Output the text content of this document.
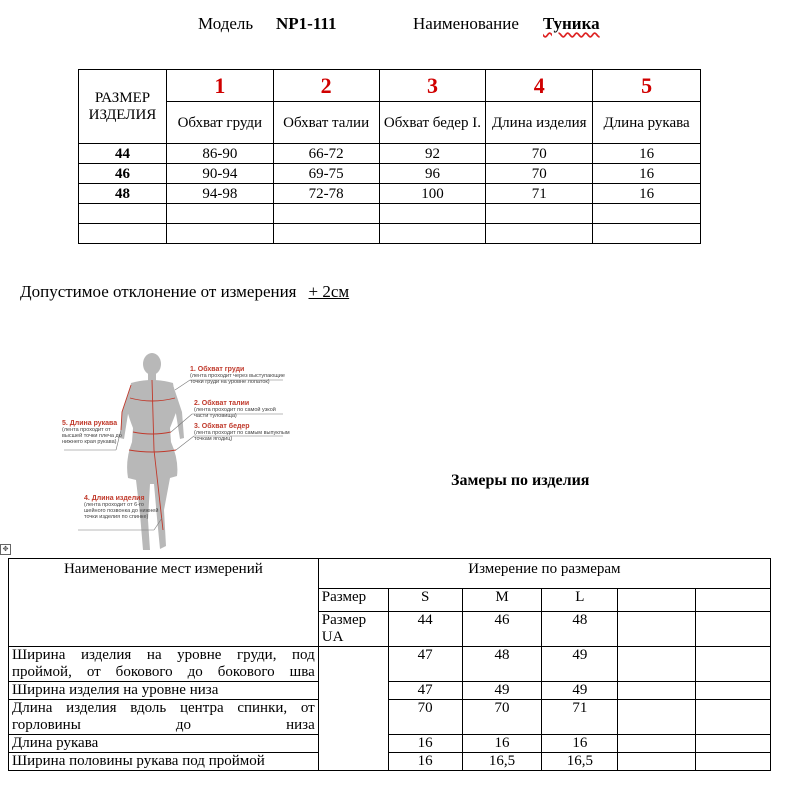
Модель NP1-111	Наименование Туника
РАЗМЕР ИЗДЕЛИЯ	1	2	3	4	5
	Обхват груди	Обхват талии	Обхват бедер I.	Длина изделия	Длина рукава
44	86-90	66-72	92	70	16
46	90-94	69-75	96	70	16
48	94-98	72-78	100	71	16

Допустимое отклонение от измерения + 2см
1. Обхват груди
(лента проходит через выступающие точки груди на уровне лопаток)
2. Обхват талии
(лента проходит по самой узкой части туловища)
3. Обхват бедер
(лента проходит по самым выпуклым точкам ягодиц)
5. Длина рукава
(лента проходит от высшей точки плеча до нижнего края рукава)
4. Длина изделия
(лента проходит от 6-го шейного позвонка до нижней точки изделия по спинке)
Замеры по изделия
✥
Наименование мест измерений	Измерение по размерам					
	Размер	S	M	L		
	Размер UA	44	46	48		
Ширина изделия на уровне груди, под проймой, от бокового до бокового шва		47	48	49		
Ширина изделия на уровне низа		47	49	49		
Длина изделия вдоль центра спинки, от горловины до низа		70	70	71		
Длина рукава		16	16	16		
Ширина половины рукава под проймой		16	16,5	16,5		
